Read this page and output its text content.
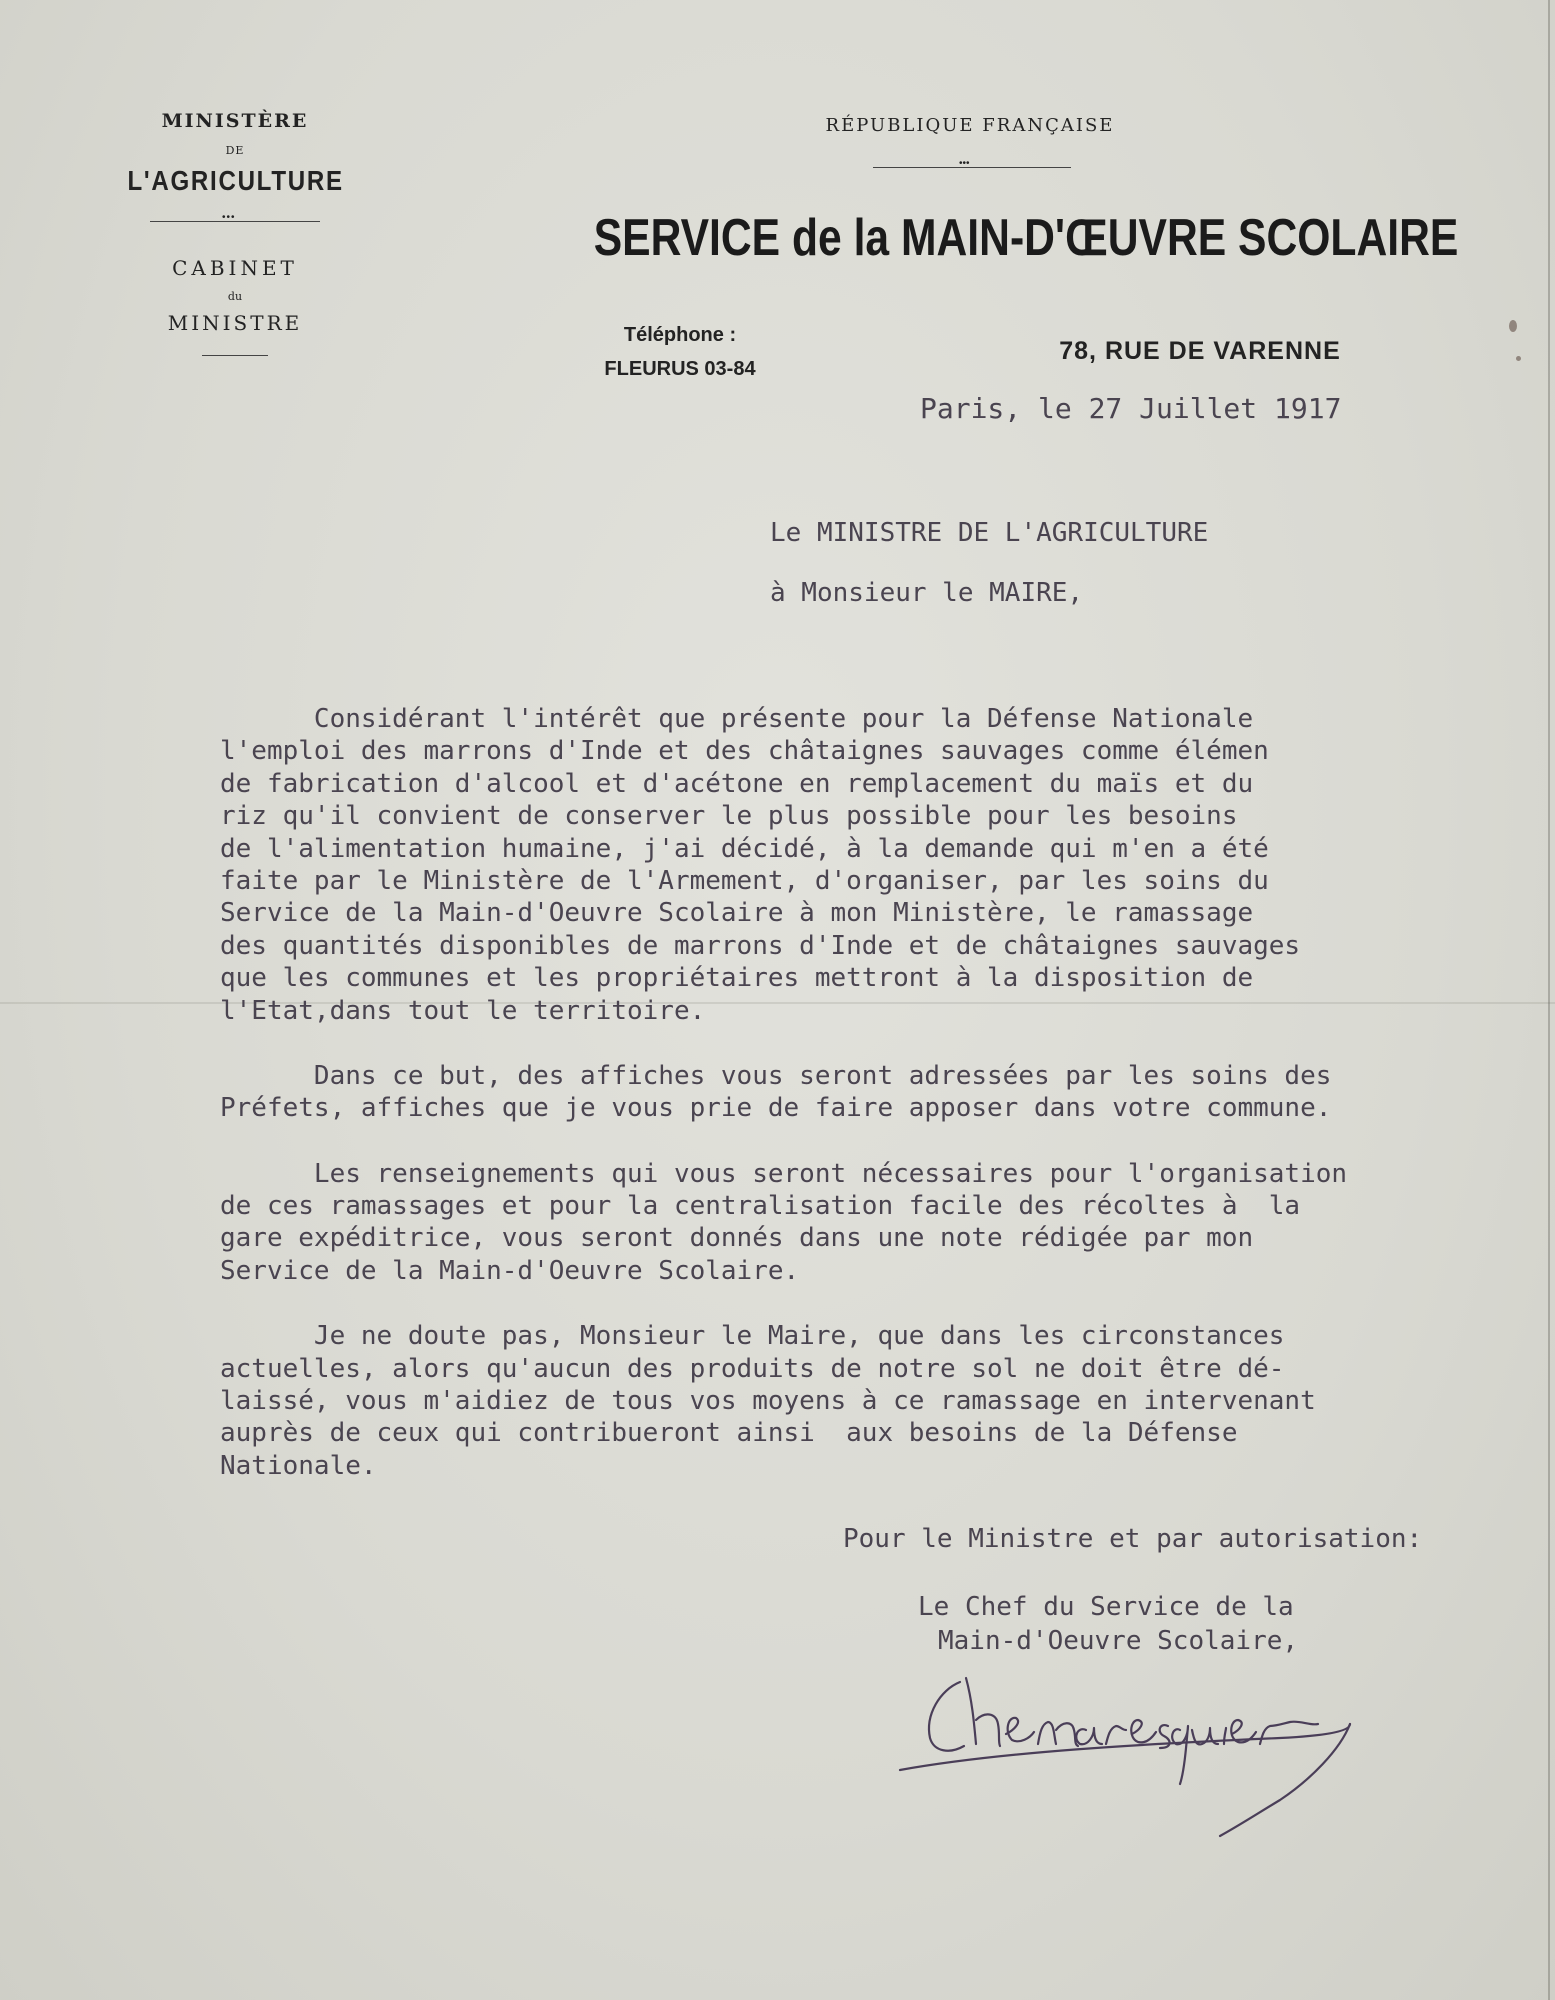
MINISTÈRE
DE
L'AGRICULTURE
•••
CABINET
du
MINISTRE
RÉPUBLIQUE FRANÇAISE
•••
SERVICE de la MAIN-D'ŒUVRE SCOLAIRE
Téléphone :
FLEURUS 03-84
78, RUE DE VARENNE
Paris, le 27 Juillet 1917
Le MINISTRE DE L'AGRICULTURE
à Monsieur le MAIRE,
Considérant l'intérêt que présente pour la Défense Nationale
l'emploi des marrons d'Inde et des châtaignes sauvages comme élémen
de fabrication d'alcool et d'acétone en remplacement du maïs et du
riz qu'il convient de conserver le plus possible pour les besoins
de l'alimentation humaine, j'ai décidé, à la demande qui m'en a été
faite par le Ministère de l'Armement, d'organiser, par les soins du
Service de la Main-d'Oeuvre Scolaire à mon Ministère, le ramassage
des quantités disponibles de marrons d'Inde et de châtaignes sauvages
que les communes et les propriétaires mettront à la disposition de
l'Etat,dans tout le territoire.
Dans ce but, des affiches vous seront adressées par les soins des
Préfets, affiches que je vous prie de faire apposer dans votre commune.
Les renseignements qui vous seront nécessaires pour l'organisation
de ces ramassages et pour la centralisation facile des récoltes à  la
gare expéditrice, vous seront donnés dans une note rédigée par mon
Service de la Main-d'Oeuvre Scolaire.
Je ne doute pas, Monsieur le Maire, que dans les circonstances
actuelles, alors qu'aucun des produits de notre sol ne doit être dé-
laissé, vous m'aidiez de tous vos moyens à ce ramassage en intervenant
auprès de ceux qui contribueront ainsi  aux besoins de la Défense
Nationale.
Pour le Ministre et par autorisation:
Le Chef du Service de la
Main-d'Oeuvre Scolaire,
